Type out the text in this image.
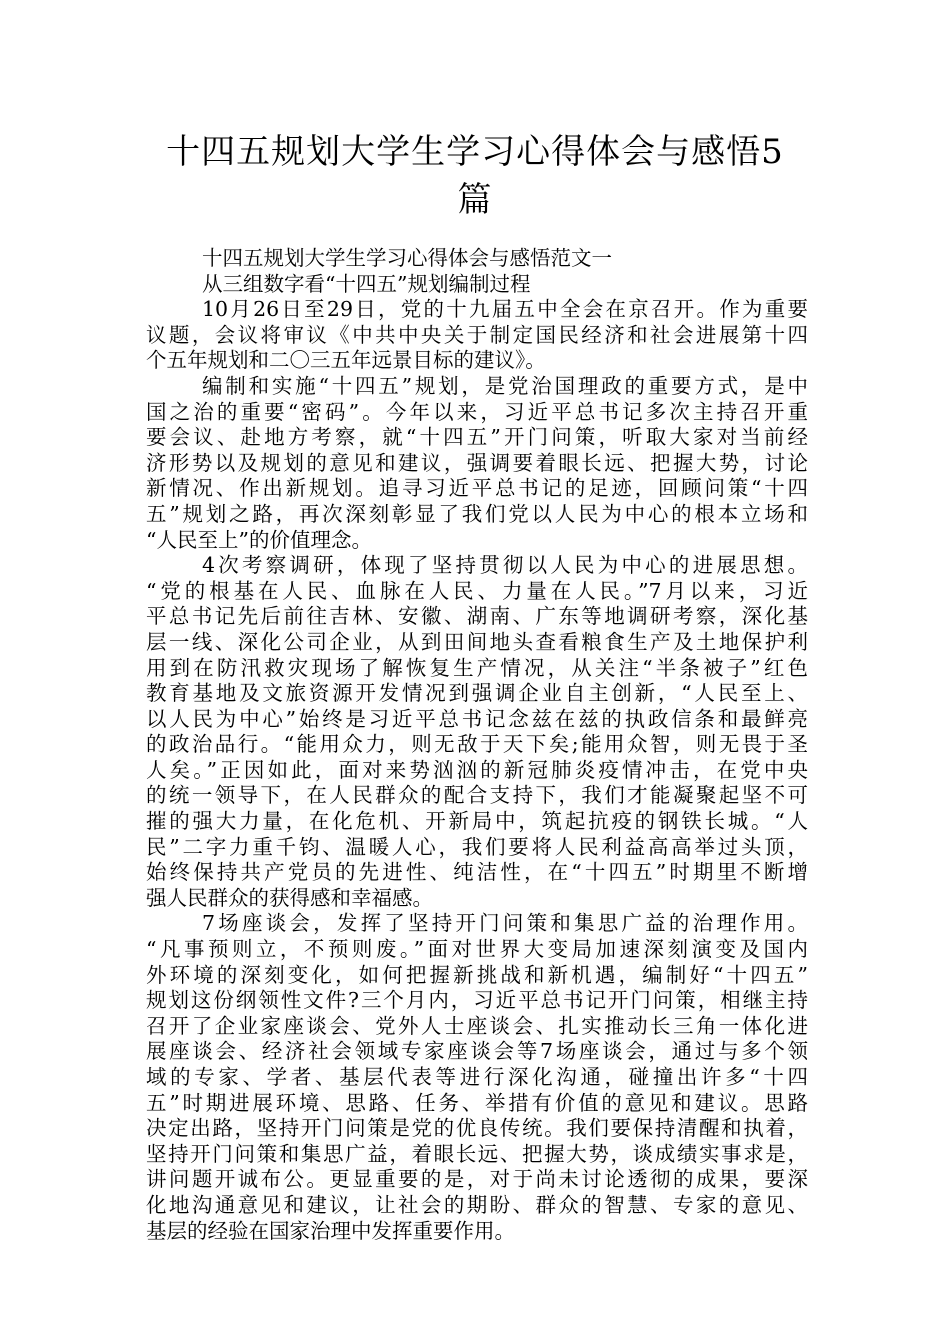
十四五规划大学生学习心得体会与感悟5
篇
十四五规划大学生学习心得体会与感悟范文一
从三组数字看“十四五”规划编制过程
10月26日至29日，党的十九届五中全会在京召开。作为重要
议题，会议将审议《中共中央关于制定国民经济和社会进展第十四
个五年规划和二〇三五年远景目标的建议》。
编制和实施“十四五”规划，是党治国理政的重要方式，是中
国之治的重要“密码”。今年以来，习近平总书记多次主持召开重
要会议、赴地方考察，就“十四五”开门问策，听取大家对当前经
济形势以及规划的意见和建议，强调要着眼长远、把握大势，讨论
新情况、作出新规划。追寻习近平总书记的足迹，回顾问策“十四
五”规划之路，再次深刻彰显了我们党以人民为中心的根本立场和
“人民至上”的价值理念。
4次考察调研，体现了坚持贯彻以人民为中心的进展思想。
“党的根基在人民、血脉在人民、力量在人民。”7月以来，习近
平总书记先后前往吉林、安徽、湖南、广东等地调研考察，深化基
层一线、深化公司企业，从到田间地头查看粮食生产及土地保护利
用到在防汛救灾现场了解恢复生产情况，从关注“半条被子”红色
教育基地及文旅资源开发情况到强调企业自主创新，“人民至上、
以人民为中心”始终是习近平总书记念兹在兹的执政信条和最鲜亮
的政治品行。“能用众力，则无敌于天下矣;能用众智，则无畏于圣
人矣。”正因如此，面对来势汹汹的新冠肺炎疫情冲击，在党中央
的统一领导下，在人民群众的配合支持下，我们才能凝聚起坚不可
摧的强大力量，在化危机、开新局中，筑起抗疫的钢铁长城。“人
民”二字力重千钧、温暖人心，我们要将人民利益高高举过头顶，
始终保持共产党员的先进性、纯洁性，在“十四五”时期里不断增
强人民群众的获得感和幸福感。
7场座谈会，发挥了坚持开门问策和集思广益的治理作用。
“凡事预则立，不预则废。”面对世界大变局加速深刻演变及国内
外环境的深刻变化，如何把握新挑战和新机遇，编制好“十四五”
规划这份纲领性文件?三个月内，习近平总书记开门问策，相继主持
召开了企业家座谈会、党外人士座谈会、扎实推动长三角一体化进
展座谈会、经济社会领域专家座谈会等7场座谈会，通过与多个领
域的专家、学者、基层代表等进行深化沟通，碰撞出许多“十四
五”时期进展环境、思路、任务、举措有价值的意见和建议。思路
决定出路，坚持开门问策是党的优良传统。我们要保持清醒和执着，
坚持开门问策和集思广益，着眼长远、把握大势，谈成绩实事求是，
讲问题开诚布公。更显重要的是，对于尚未讨论透彻的成果，要深
化地沟通意见和建议，让社会的期盼、群众的智慧、专家的意见、
基层的经验在国家治理中发挥重要作用。
